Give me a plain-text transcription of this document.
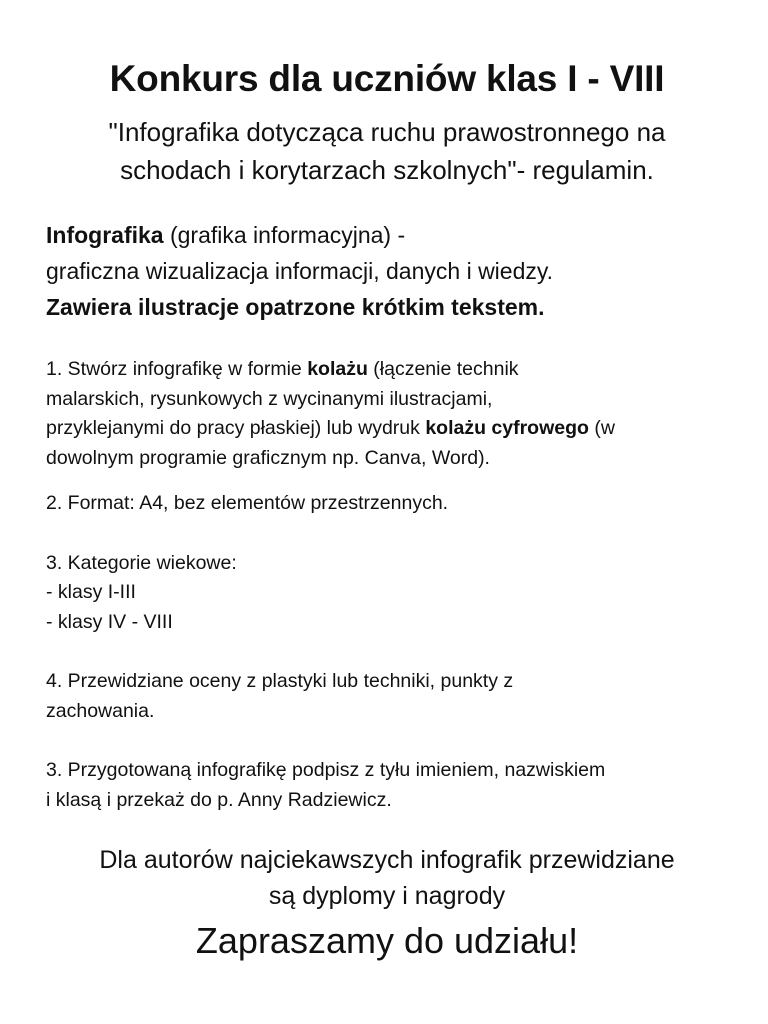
Konkurs dla uczniów klas I - VIII
"Infografika dotycząca ruchu prawostronnego na
schodach i korytarzach szkolnych"- regulamin.
Infografika (grafika informacyjna) -
graficzna wizualizacja informacji, danych i wiedzy.
Zawiera ilustracje opatrzone krótkim tekstem.
1. Stwórz infografikę w formie kolażu (łączenie technik
malarskich, rysunkowych z wycinanymi ilustracjami,
przyklejanymi do pracy płaskiej) lub wydruk kolażu cyfrowego (w
dowolnym programie graficznym np. Canva, Word).
2. Format: A4, bez elementów przestrzennych.
3. Kategorie wiekowe:
- klasy I-III
- klasy IV - VIII
4. Przewidziane oceny z plastyki lub techniki, punkty z
zachowania.
3. Przygotowaną infografikę podpisz z tyłu imieniem, nazwiskiem
i klasą i przekaż do p. Anny Radziewicz.
Dla autorów najciekawszych infografik przewidziane
są dyplomy i nagrody
Zapraszamy do udziału!
